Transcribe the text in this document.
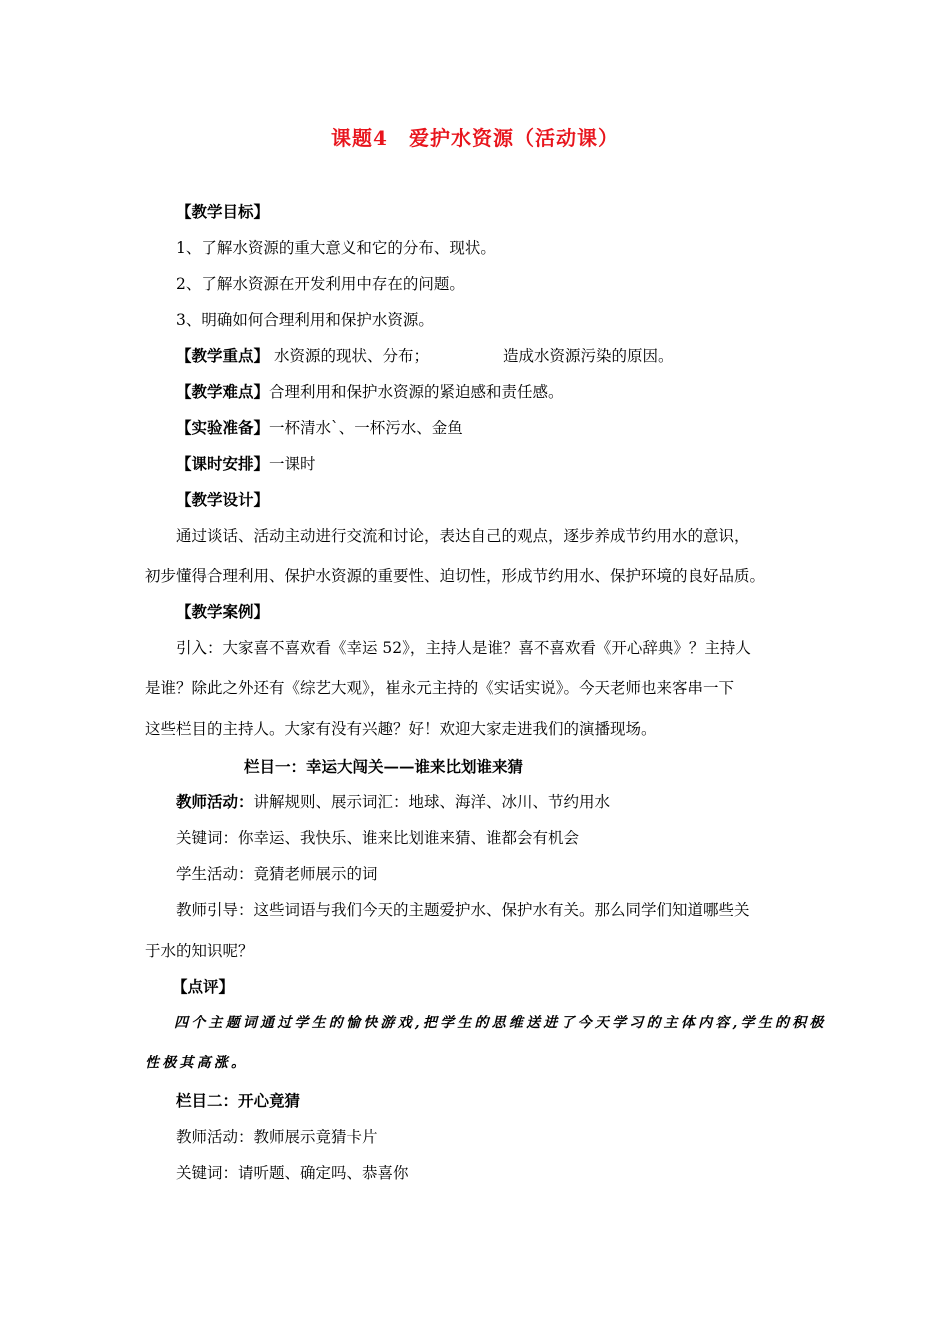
课题4　爱护水资源（活动课）
【教学目标】
1、了解水资源的重大意义和它的分布、现状。
2、了解水资源在开发利用中存在的问题。
3、明确如何合理利用和保护水资源。
【教学重点】 水资源的现状、分布；	造成水资源污染的原因。
【教学难点】合理利用和保护水资源的紧迫感和责任感。
【实验准备】一杯清水`、一杯污水、金鱼
【课时安排】一课时
【教学设计】
通过谈话、活动主动进行交流和讨论，表达自己的观点，逐步养成节约用水的意识，
初步懂得合理利用、保护水资源的重要性、迫切性，形成节约用水、保护环境的良好品质。
【教学案例】
引入：大家喜不喜欢看《幸运 52》，主持人是谁？喜不喜欢看《开心辞典》？主持人
是谁？除此之外还有《综艺大观》，崔永元主持的《实话实说》。今天老师也来客串一下
这些栏目的主持人。大家有没有兴趣？好！欢迎大家走进我们的演播现场。
栏目一：幸运大闯关——谁来比划谁来猜
教师活动：讲解规则、展示词汇：地球、海洋、冰川、节约用水
关键词：你幸运、我快乐、谁来比划谁来猜、谁都会有机会
学生活动：竟猜老师展示的词
教师引导：这些词语与我们今天的主题爱护水、保护水有关。那么同学们知道哪些关
于水的知识呢？
【点评】
四个主题词通过学生的愉快游戏,把学生的思维送进了今天学习的主体内容,学生的积极
性极其高涨。
栏目二：开心竟猜
教师活动：教师展示竟猜卡片
关键词：请听题、确定吗、恭喜你
